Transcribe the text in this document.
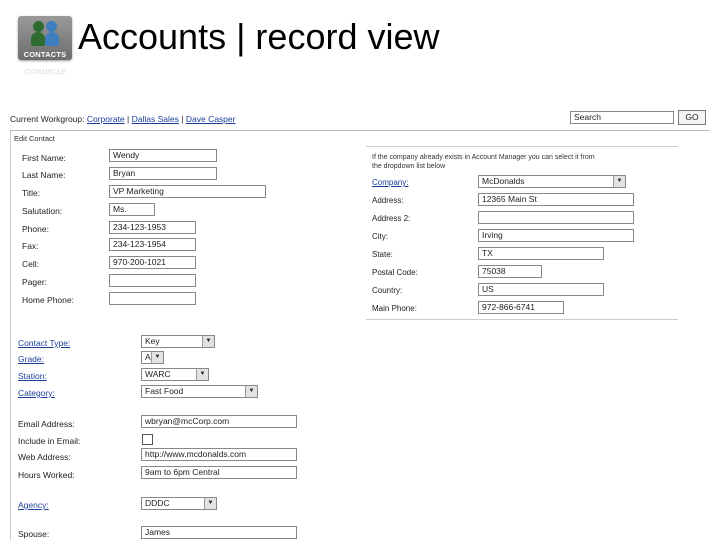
CONTACTS
CONTACTS
Accounts | record view
Current Workgroup: Corporate | Dallas Sales | Dave Casper	Search	GO
Edit Contact
First Name:	Wendy
Last Name:	Bryan
Title:	VP Marketing
Salutation:	Ms.
Phone:	234-123-1953
Fax:	234-123-1954
Cell:	970-200-1021
Pager:
Home Phone:
Contact Type:	Key	▼
Grade:	A ▼
Station:	WARC	▼
Category:	Fast Food	▼
Email Address:	wbryan@mcCorp.com
Include in Email:
Web Address:	http://www.mcdonalds.com
Hours Worked:	9am to 6pm Central
Agency:	DDDC	▼
Spouse:	James
If the company already exists in Account Manager you can select it from the dropdown list below
Company:	McDonalds	▼
Address:	12365 Main St
Address 2:
City:	Irving
State:	TX
Postal Code:	75038
Country:	US
Main Phone:	972-866-6741
